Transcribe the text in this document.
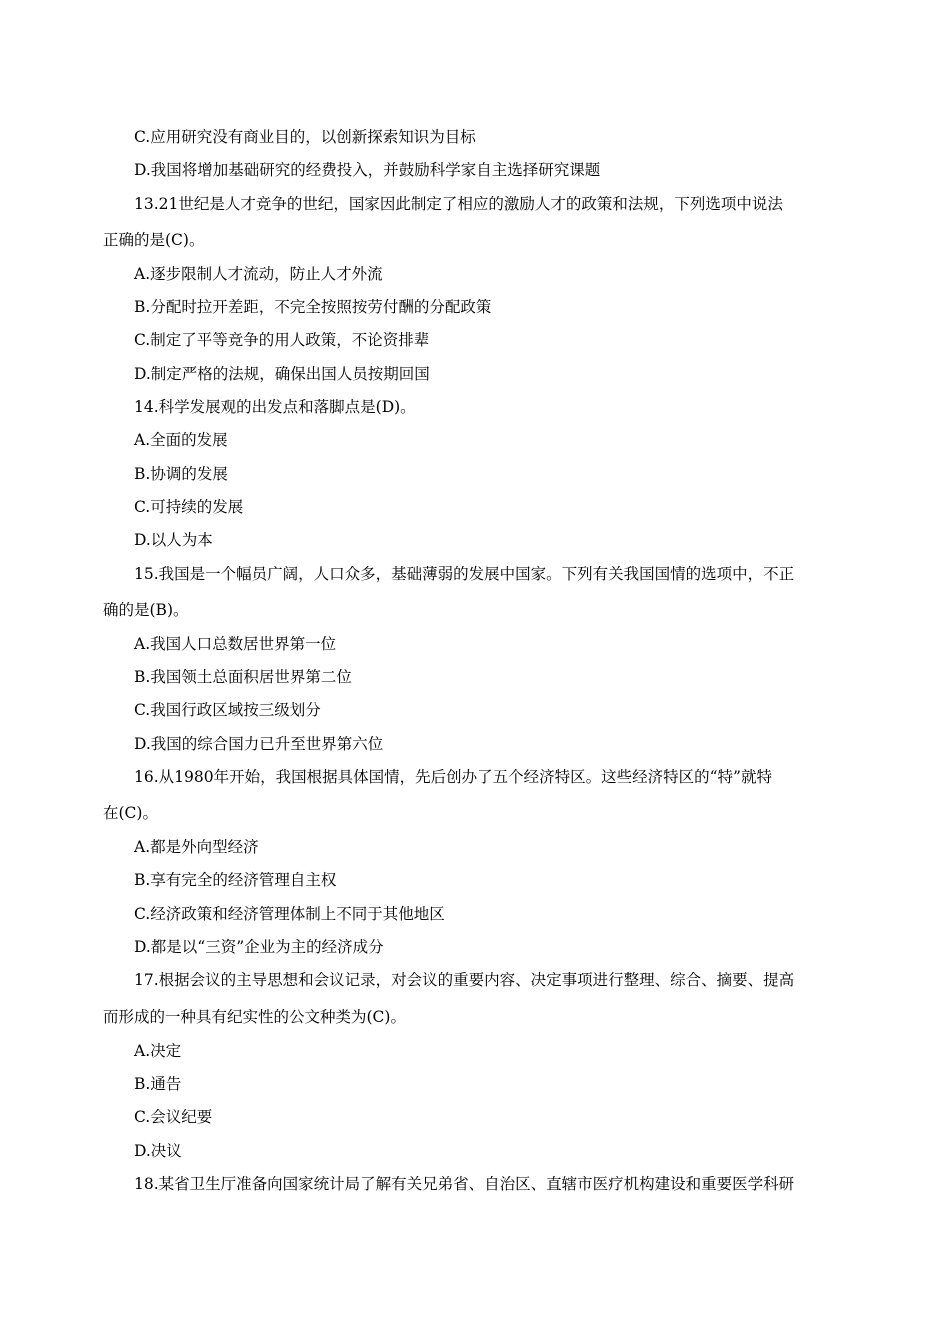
C.应用研究没有商业目的，以创新探索知识为目标
D.我国将增加基础研究的经费投入，并鼓励科学家自主选择研究课题
13.21世纪是人才竞争的世纪，国家因此制定了相应的激励人才的政策和法规，下列选项中说法
正确的是(C)。
A.逐步限制人才流动，防止人才外流
B.分配时拉开差距，不完全按照按劳付酬的分配政策
C.制定了平等竞争的用人政策，不论资排辈
D.制定严格的法规，确保出国人员按期回国
14.科学发展观的出发点和落脚点是(D)。
A.全面的发展
B.协调的发展
C.可持续的发展
D.以人为本
15.我国是一个幅员广阔，人口众多，基础薄弱的发展中国家。下列有关我国国情的选项中，不正
确的是(B)。
A.我国人口总数居世界第一位
B.我国领土总面积居世界第二位
C.我国行政区域按三级划分
D.我国的综合国力已升至世界第六位
16.从1980年开始，我国根据具体国情，先后创办了五个经济特区。这些经济特区的“特”就特
在(C)。
A.都是外向型经济
B.享有完全的经济管理自主权
C.经济政策和经济管理体制上不同于其他地区
D.都是以“三资”企业为主的经济成分
17.根据会议的主导思想和会议记录，对会议的重要内容、决定事项进行整理、综合、摘要、提高
而形成的一种具有纪实性的公文种类为(C)。
A.决定
B.通告
C.会议纪要
D.决议
18.某省卫生厅准备向国家统计局了解有关兄弟省、自治区、直辖市医疗机构建设和重要医学科研
